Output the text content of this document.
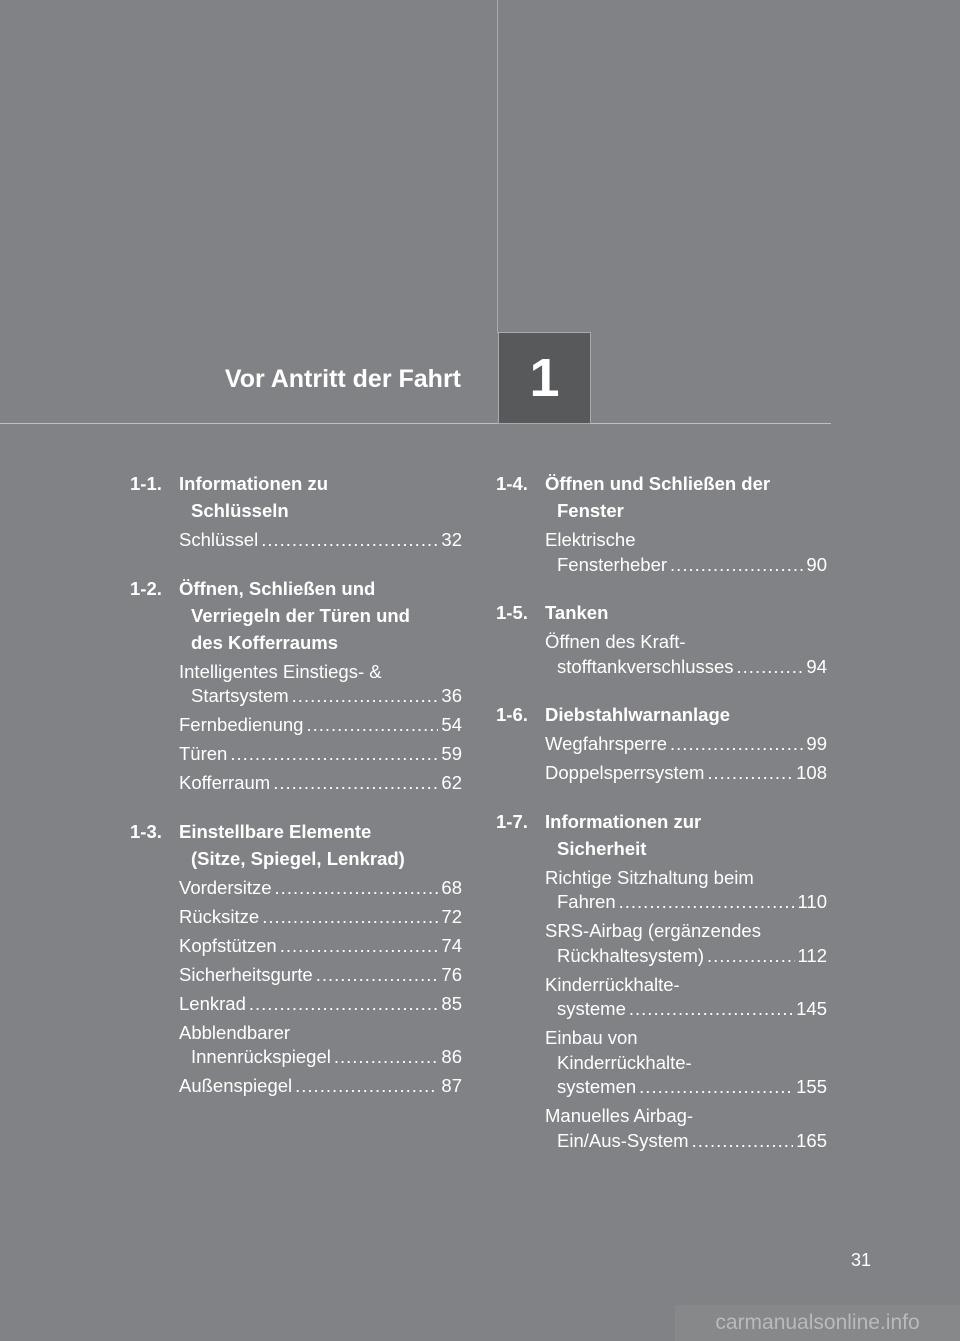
Vor Antritt der Fahrt 1
1-1. Informationen zu
Schlüsseln
Schlüssel .....	32
1-2. Öffnen, Schließen und
Verriegeln der Türen und
des Kofferraums
Intelligentes Einstiegs- &
Startsystem .....	36
Fernbedienung .....	54
Türen .....	59
Kofferraum .....	62
1-3. Einstellbare Elemente
(Sitze, Spiegel, Lenkrad)
Vordersitze .....	68
Rücksitze .....	72
Kopfstützen .....	74
Sicherheitsgurte .....	76
Lenkrad .....	85
Abblendbarer
Innenrückspiegel .....	86
Außenspiegel .....	87
1-4. Öffnen und Schließen der
Fenster
Elektrische
Fensterheber .....	90
1-5. Tanken
Öffnen des Kraft-
stofftankverschlusses .....	94
1-6. Diebstahlwarnanlage
Wegfahrsperre .....	99
Doppelsperrsystem .....	108
1-7. Informationen zur
Sicherheit
Richtige Sitzhaltung beim
Fahren .....	110
SRS-Airbag (ergänzendes
Rückhaltesystem) .....	112
Kinderrückhalte-
systeme .....	145
Einbau von
Kinderrückhalte-
systemen .....	155
Manuelles Airbag-
Ein/Aus-System .....	165
31
carmanualsonline.info
